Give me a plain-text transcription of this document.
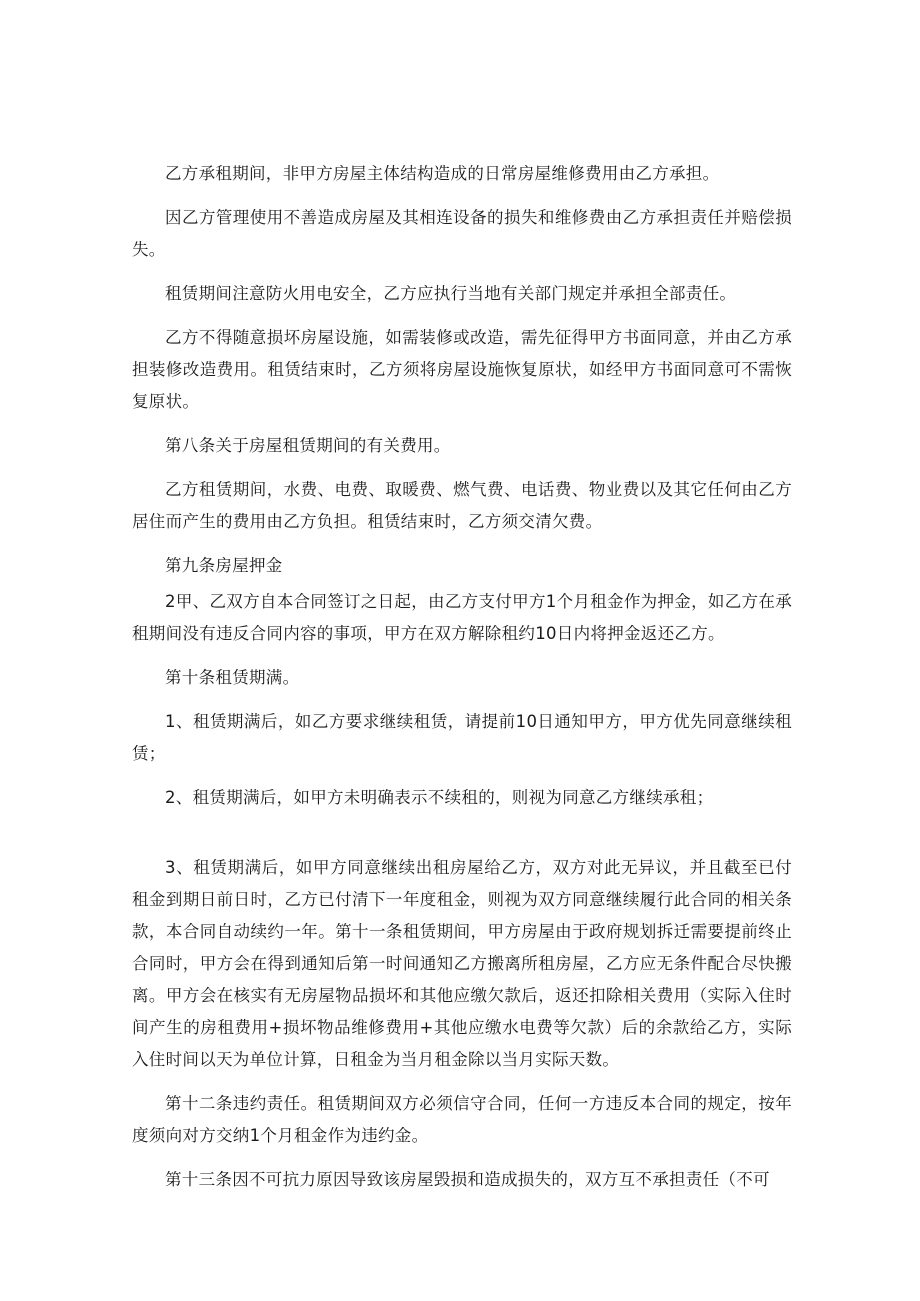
乙方承租期间，非甲方房屋主体结构造成的日常房屋维修费用由乙方承担。

因乙方管理使用不善造成房屋及其相连设备的损失和维修费由乙方承担责任并赔偿损失。

租赁期间注意防火用电安全，乙方应执行当地有关部门规定并承担全部责任。

乙方不得随意损坏房屋设施，如需装修或改造，需先征得甲方书面同意，并由乙方承担装修改造费用。租赁结束时，乙方须将房屋设施恢复原状，如经甲方书面同意可不需恢复原状。

第八条关于房屋租赁期间的有关费用。

乙方租赁期间，水费、电费、取暖费、燃气费、电话费、物业费以及其它任何由乙方居住而产生的费用由乙方负担。租赁结束时，乙方须交清欠费。

第九条房屋押金

2甲、乙双方自本合同签订之日起，由乙方支付甲方1个月租金作为押金，如乙方在承租期间没有违反合同内容的事项，甲方在双方解除租约10日内将押金返还乙方。

第十条租赁期满。

1、租赁期满后，如乙方要求继续租赁，请提前10日通知甲方，甲方优先同意继续租赁；

2、租赁期满后，如甲方未明确表示不续租的，则视为同意乙方继续承租；

3、租赁期满后，如甲方同意继续出租房屋给乙方，双方对此无异议，并且截至已付租金到期日前日时，乙方已付清下一年度租金，则视为双方同意继续履行此合同的相关条款，本合同自动续约一年。第十一条租赁期间，甲方房屋由于政府规划拆迁需要提前终止合同时，甲方会在得到通知后第一时间通知乙方搬离所租房屋，乙方应无条件配合尽快搬离。甲方会在核实有无房屋物品损坏和其他应缴欠款后，返还扣除相关费用（实际入住时间产生的房租费用+损坏物品维修费用+其他应缴水电费等欠款）后的余款给乙方，实际入住时间以天为单位计算，日租金为当月租金除以当月实际天数。

第十二条违约责任。租赁期间双方必须信守合同，任何一方违反本合同的规定，按年度须向对方交纳1个月租金作为违约金。

第十三条因不可抗力原因导致该房屋毁损和造成损失的，双方互不承担责任（不可
